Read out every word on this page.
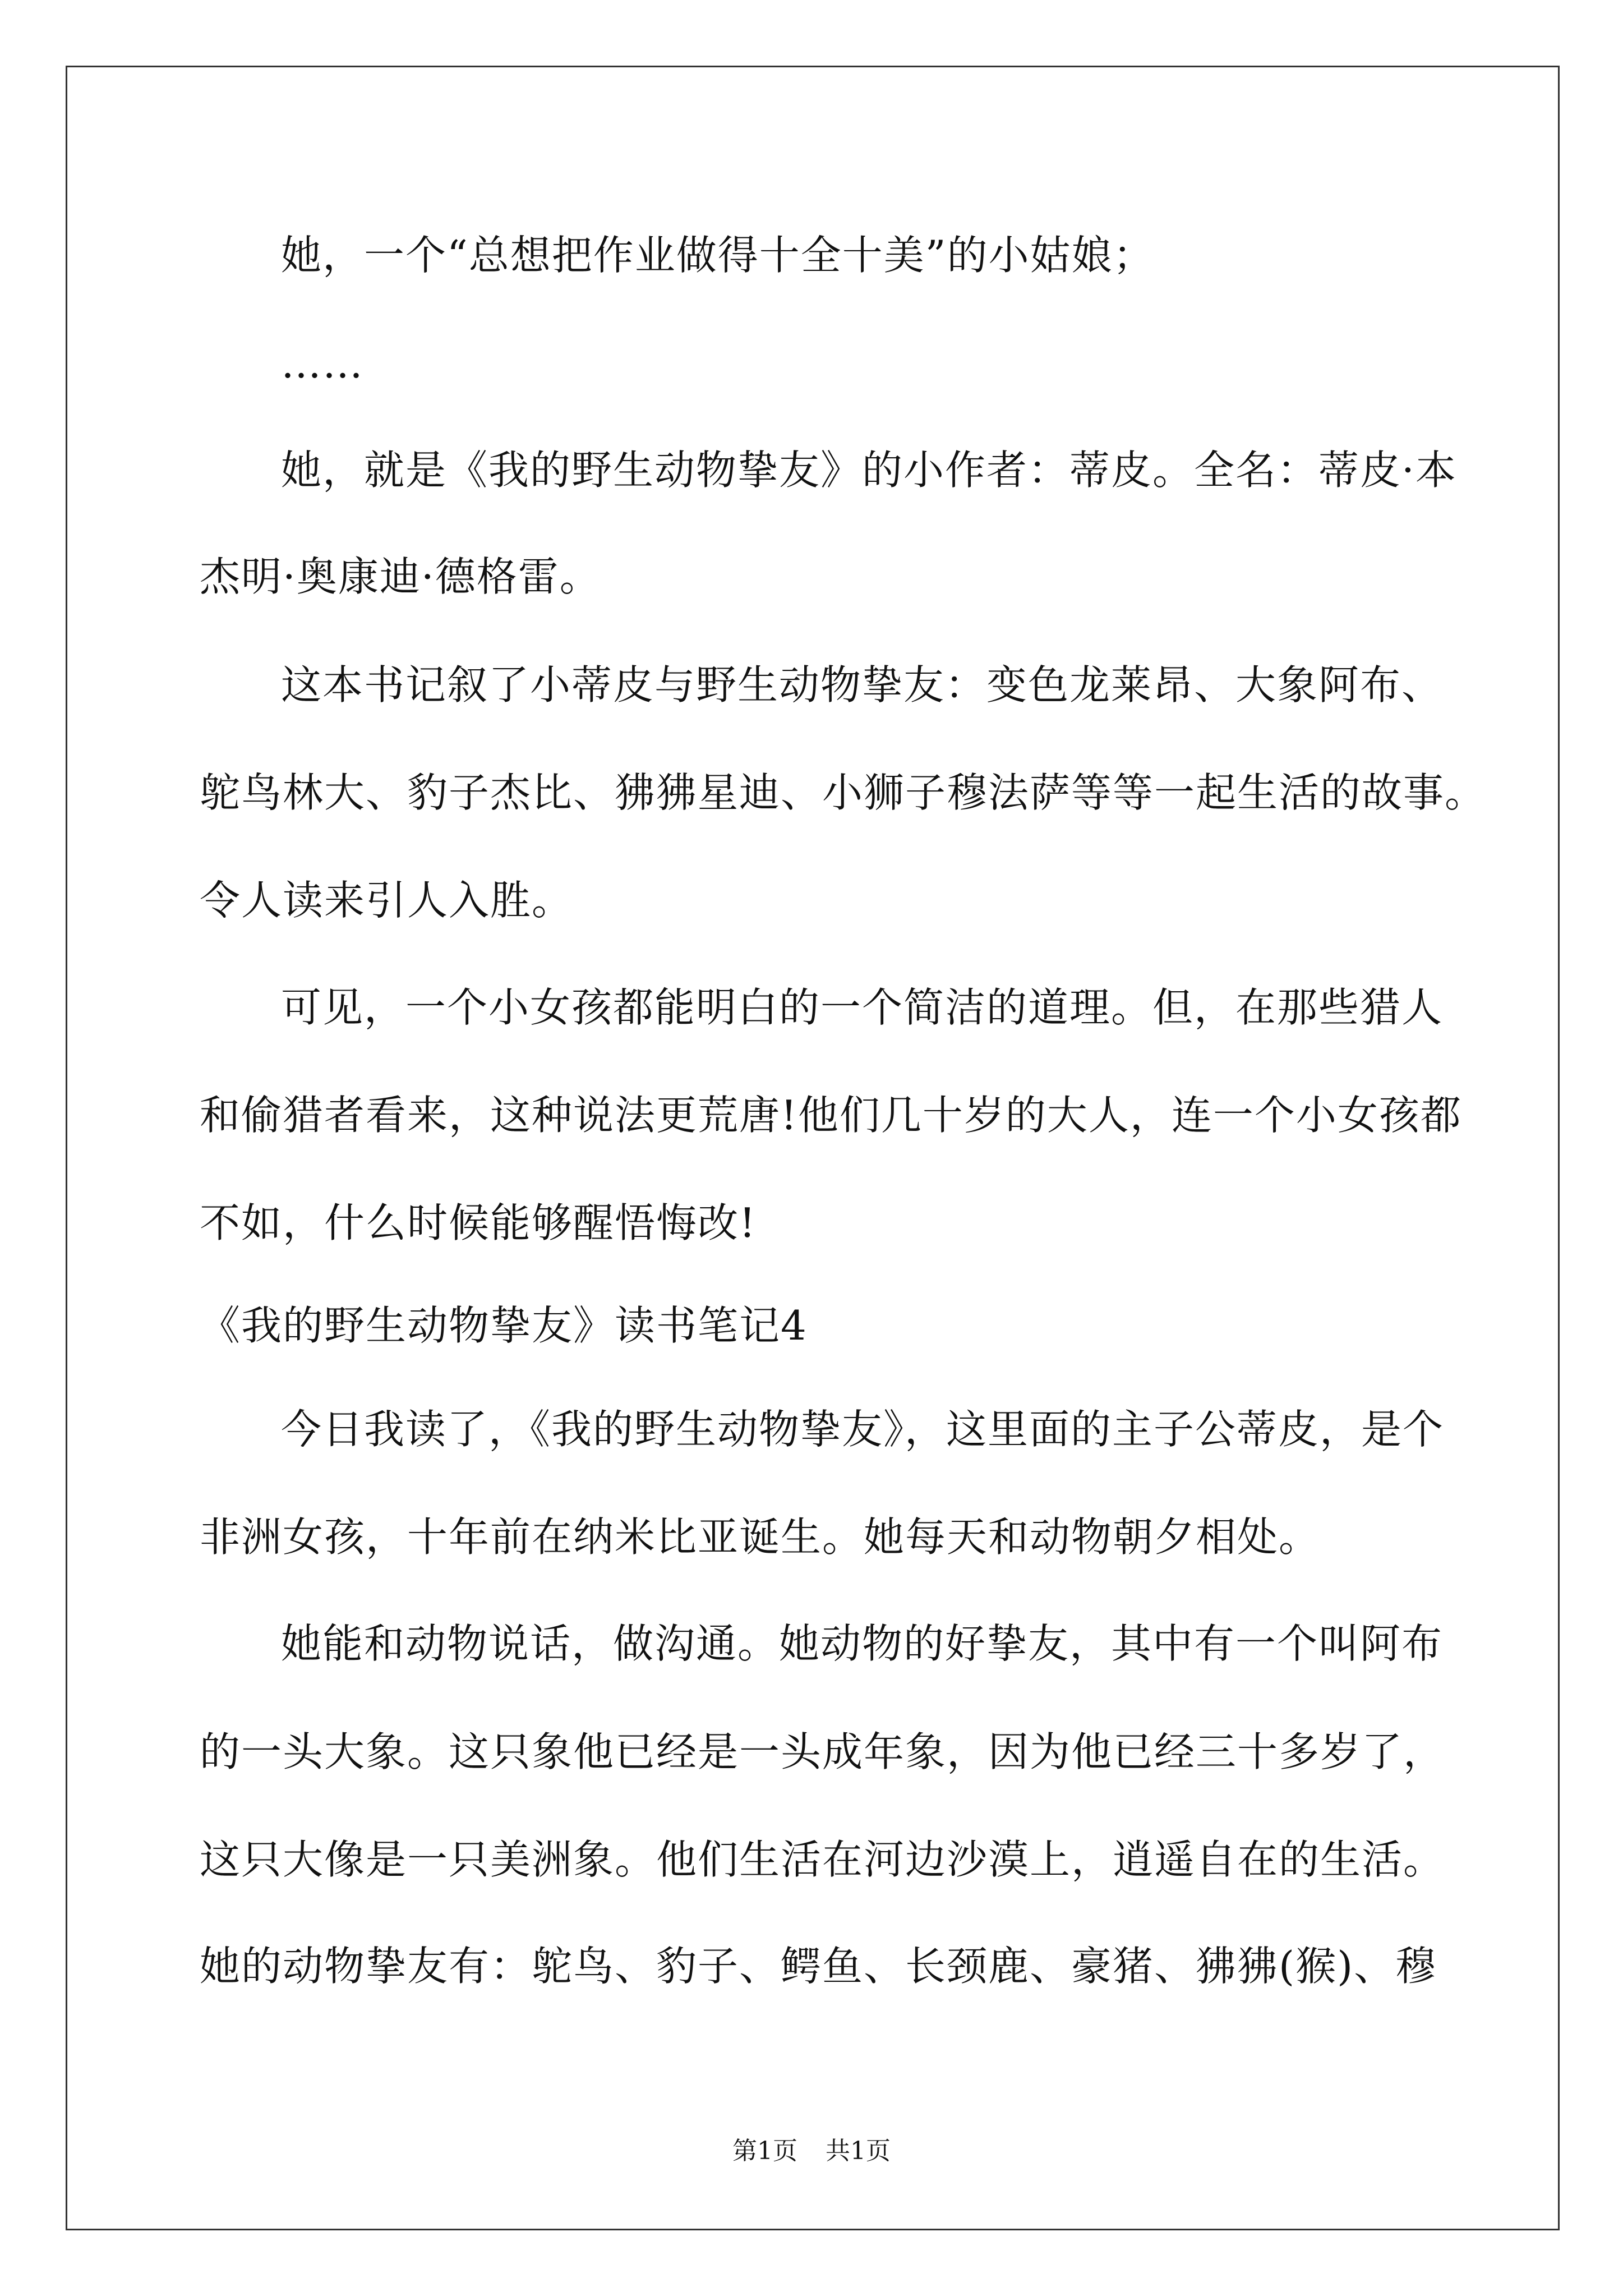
她，一个“总想把作业做得十全十美”的小姑娘；
……
她，就是《我的野生动物挚友》的小作者：蒂皮。全名：蒂皮·本
杰明·奥康迪·德格雷。
这本书记叙了小蒂皮与野生动物挚友：变色龙莱昂、大象阿布、
鸵鸟林大、豹子杰比、狒狒星迪、小狮子穆法萨等等一起生活的故事。
令人读来引人入胜。
可见，一个小女孩都能明白的一个简洁的道理。但，在那些猎人
和偷猎者看来，这种说法更荒唐!他们几十岁的大人，连一个小女孩都
不如，什么时候能够醒悟悔改!
《我的野生动物挚友》读书笔记4
今日我读了，《我的野生动物挚友》，这里面的主子公蒂皮，是个
非洲女孩，十年前在纳米比亚诞生。她每天和动物朝夕相处。
她能和动物说话，做沟通。她动物的好挚友，其中有一个叫阿布
的一头大象。这只象他已经是一头成年象，因为他已经三十多岁了，
这只大像是一只美洲象。他们生活在河边沙漠上，逍遥自在的生活。
她的动物挚友有：鸵鸟、豹子、鳄鱼、长颈鹿、豪猪、狒狒(猴)、穆
第1页 共1页
